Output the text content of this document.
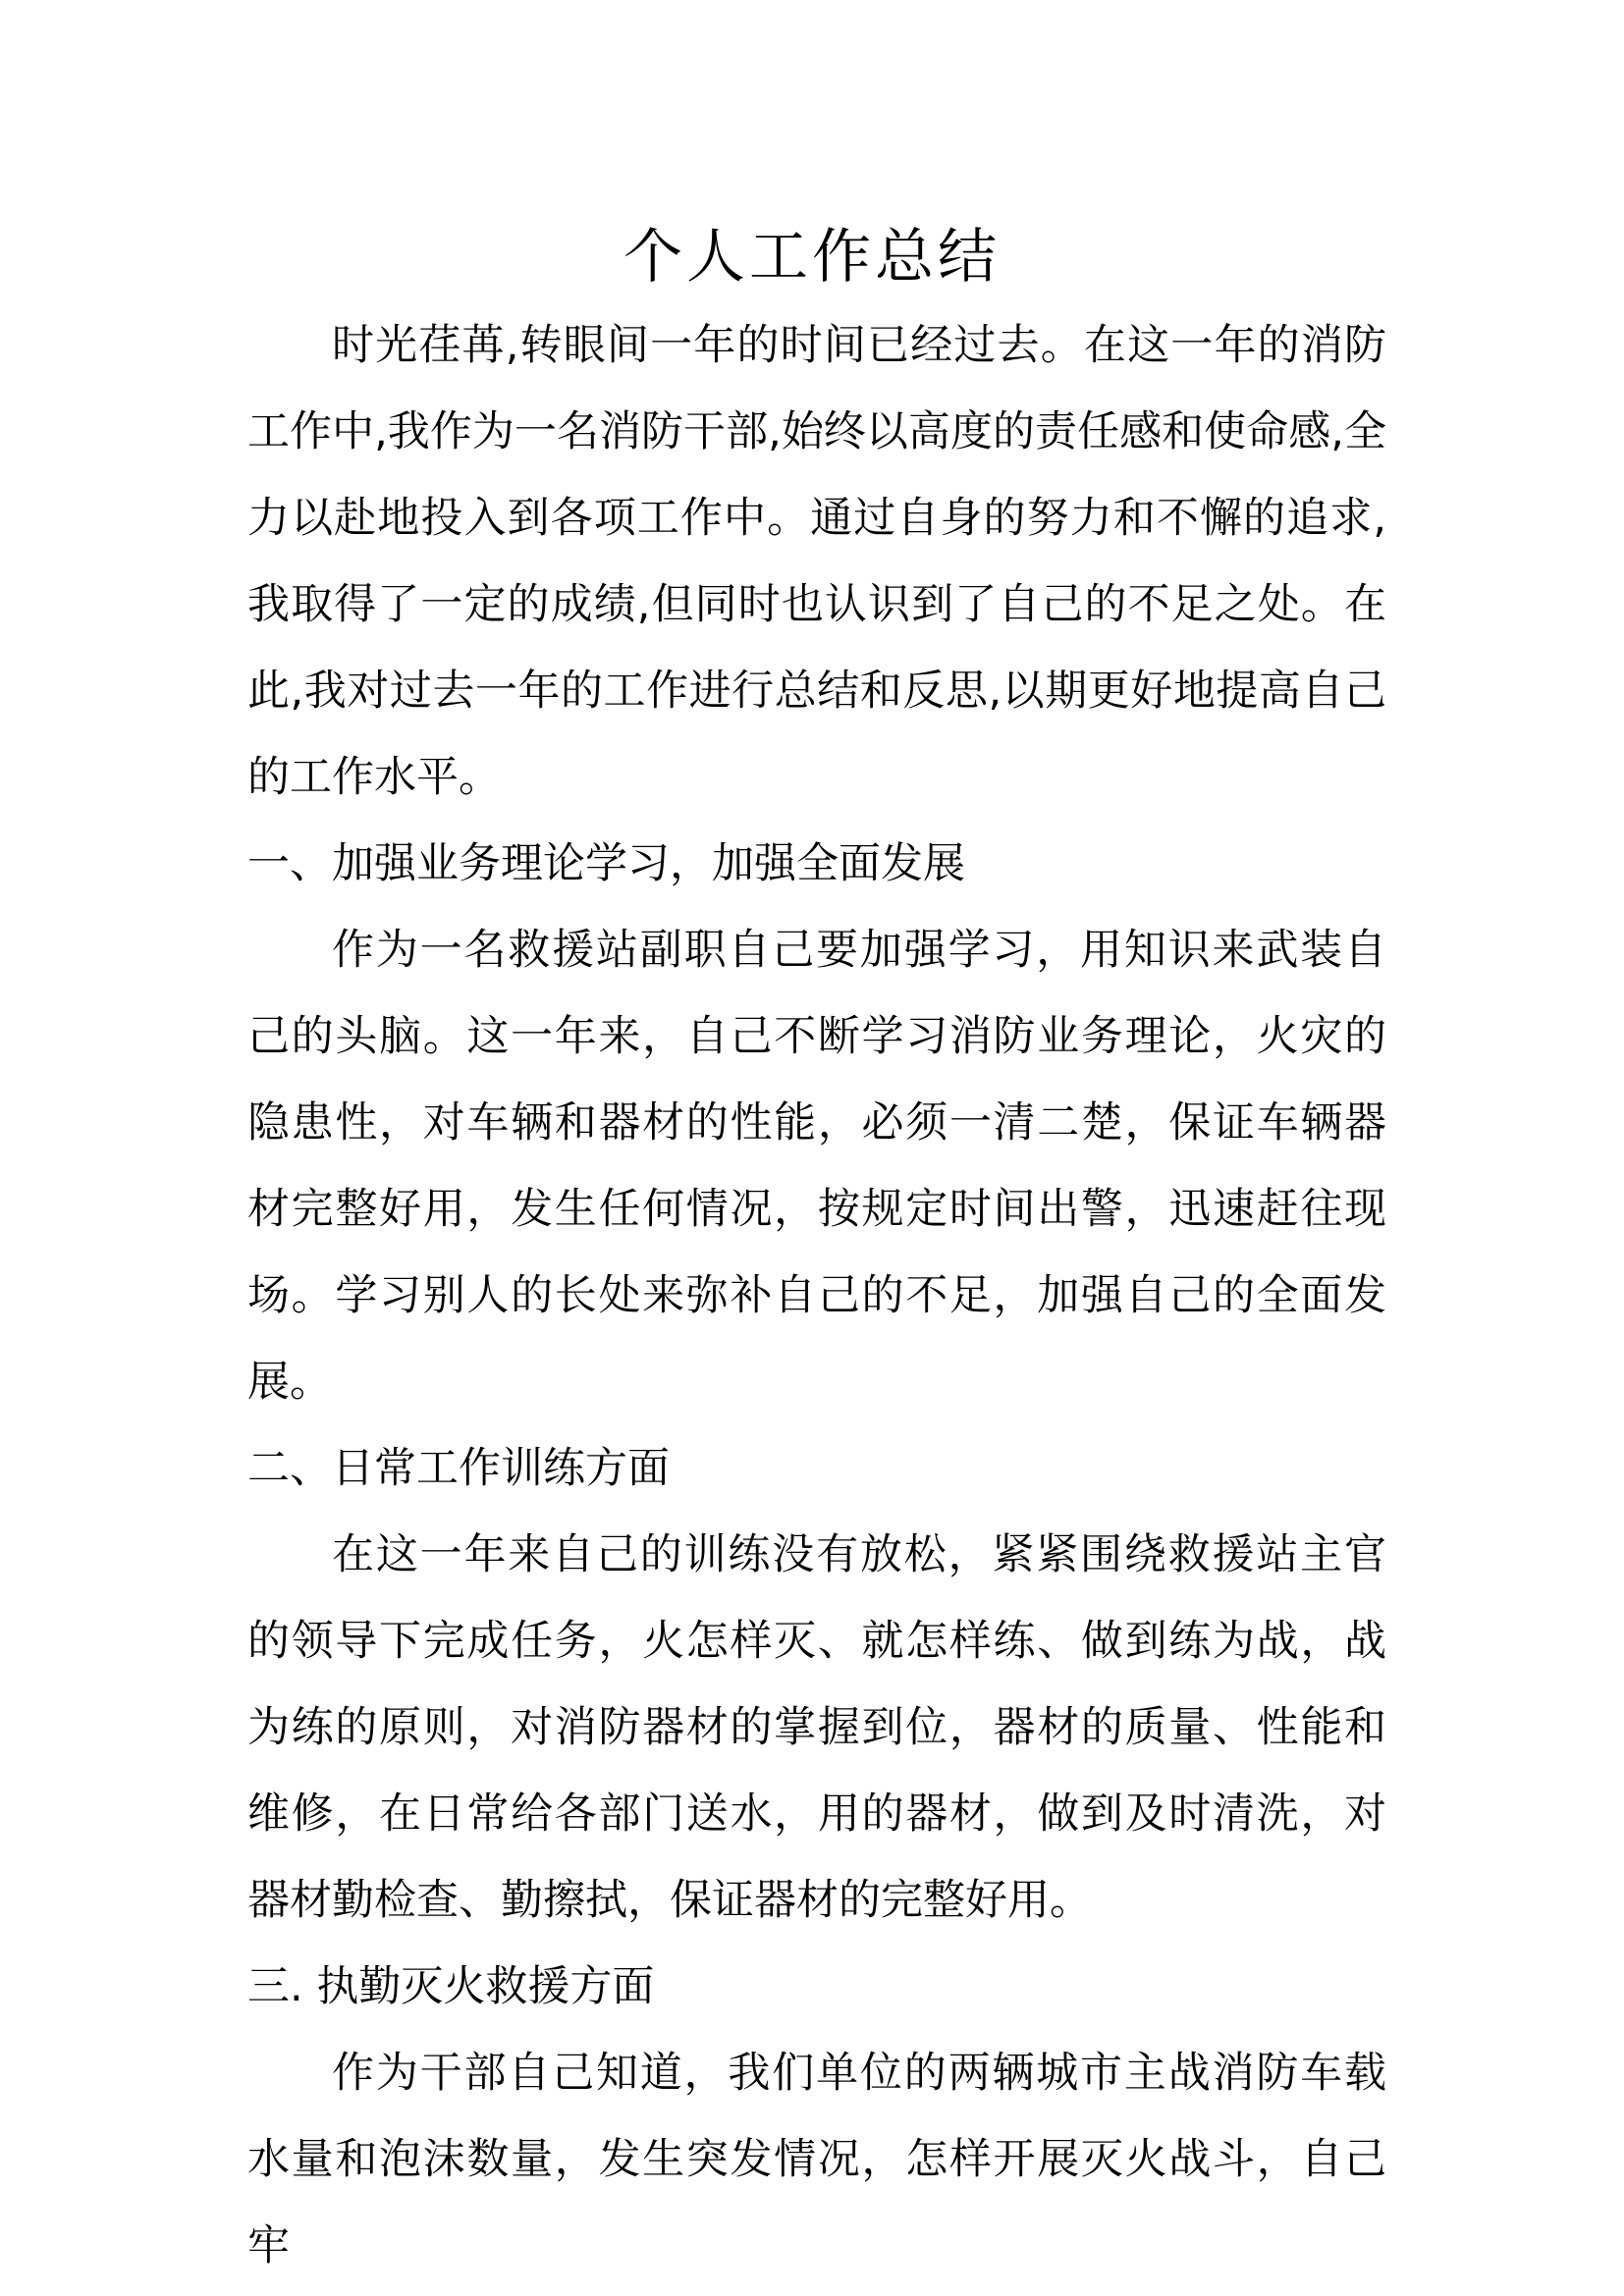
个人工作总结

时光荏苒,转眼间一年的时间已经过去。在这一年的消防工作中,我作为一名消防干部,始终以高度的责任感和使命感,全力以赴地投入到各项工作中。通过自身的努力和不懈的追求,我取得了一定的成绩,但同时也认识到了自己的不足之处。在此,我对过去一年的工作进行总结和反思,以期更好地提高自己的工作水平。

一、加强业务理论学习，加强全面发展

作为一名救援站副职自己要加强学习，用知识来武装自己的头脑。这一年来，自己不断学习消防业务理论，火灾的隐患性，对车辆和器材的性能，必须一清二楚，保证车辆器材完整好用，发生任何情况，按规定时间出警，迅速赶往现场。学习别人的长处来弥补自己的不足，加强自己的全面发展。

二、日常工作训练方面

在这一年来自己的训练没有放松，紧紧围绕救援站主官的领导下完成任务，火怎样灭、就怎样练、做到练为战，战为练的原则，对消防器材的掌握到位，器材的质量、性能和维修，在日常给各部门送水，用的器材，做到及时清洗，对器材勤检查、勤擦拭，保证器材的完整好用。

三. 执勤灭火救援方面

作为干部自己知道，我们单位的两辆城市主战消防车载水量和泡沫数量，发生突发情况，怎样开展灭火战斗，自己牢
